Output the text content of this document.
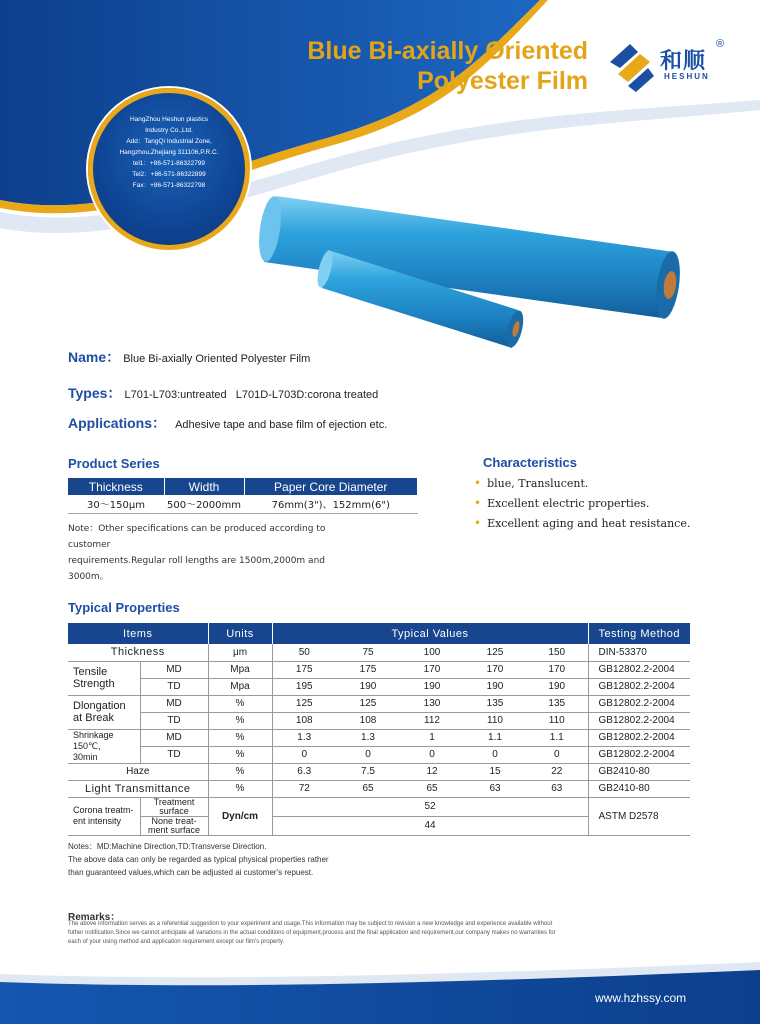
Blue Bi-axially Oriented
Polyester Film
和顺
HESHUN
®
HangZhou Heshun plastics
Industry Co.,Ltd.
Add：TangQi Industrial Zone,
Hangzhou,Zhejiang 311106,P.R.C.
tel1：+86-571-86322799
Tel2：+86-571-86322899
Fax：+86-571-86322798
Name： Blue Bi-axially Oriented Polyester Film
Types： L701-L703:untreated   L701D-L703D:corona treated
Applications： Adhesive tape and base film of ejection etc.
Product Series
Thickness	Width	Paper Core Diameter
30～150μm	500～2000mm	76mm(3")、152mm(6")
Note：Other specifications can be produced according to customer
requirements.Regular roll lengths are 1500m,2000m and 3000m。
Characteristics
• blue, Translucent.
• Excellent electric properties.
• Excellent aging and heat resistance.
Typical Properties
Items		Units	Typical Values					Testing Method
Thickness		μm	50	75	100	125	150	DIN-53370

Tensile
Strength	MD	Mpa	175	175	170	170	170	GB12802.2-2004
	TD	Mpa	195	190	190	190	190	GB12802.2-2004

Dlongation
at Break	MD	%	125	125	130	135	135	GB12802.2-2004
	TD	%	108	108	112	110	110	GB12802.2-2004

Shrinkage 150℃,
30min	MD	%	1.3	1.3	1	1.1	1.1	GB12802.2-2004
	TD	%	0	0	0	0	0	GB12802.2-2004
Haze		%	6.3	7.5	12	15	22	GB2410-80
Light Transmittance		%	72	65	65	63	63	GB2410-80

Corona treatm-
ent intensity	Treatment surface	Dyn/cm	52					ASTM D2578
	None treat- ment surface		44					
Notes：MD:Machine Direction,TD:Transverse Direction.
The above data can only be regarded as typical physical properties rather
than guaranteed values,which can be adjusted ai customer's repuest.
Remarks：
The above information serves as a referential suggestion to your experiment and usage.This information may be subject to revision a new knowledge and experience available without
futher notification.Since we cannot anticipate all variations in the actual conditions of equipment,process and the final application and requirement,our company makes no warranties for
each of your using method and application requirement except our film's property.
www.hzhssy.com
